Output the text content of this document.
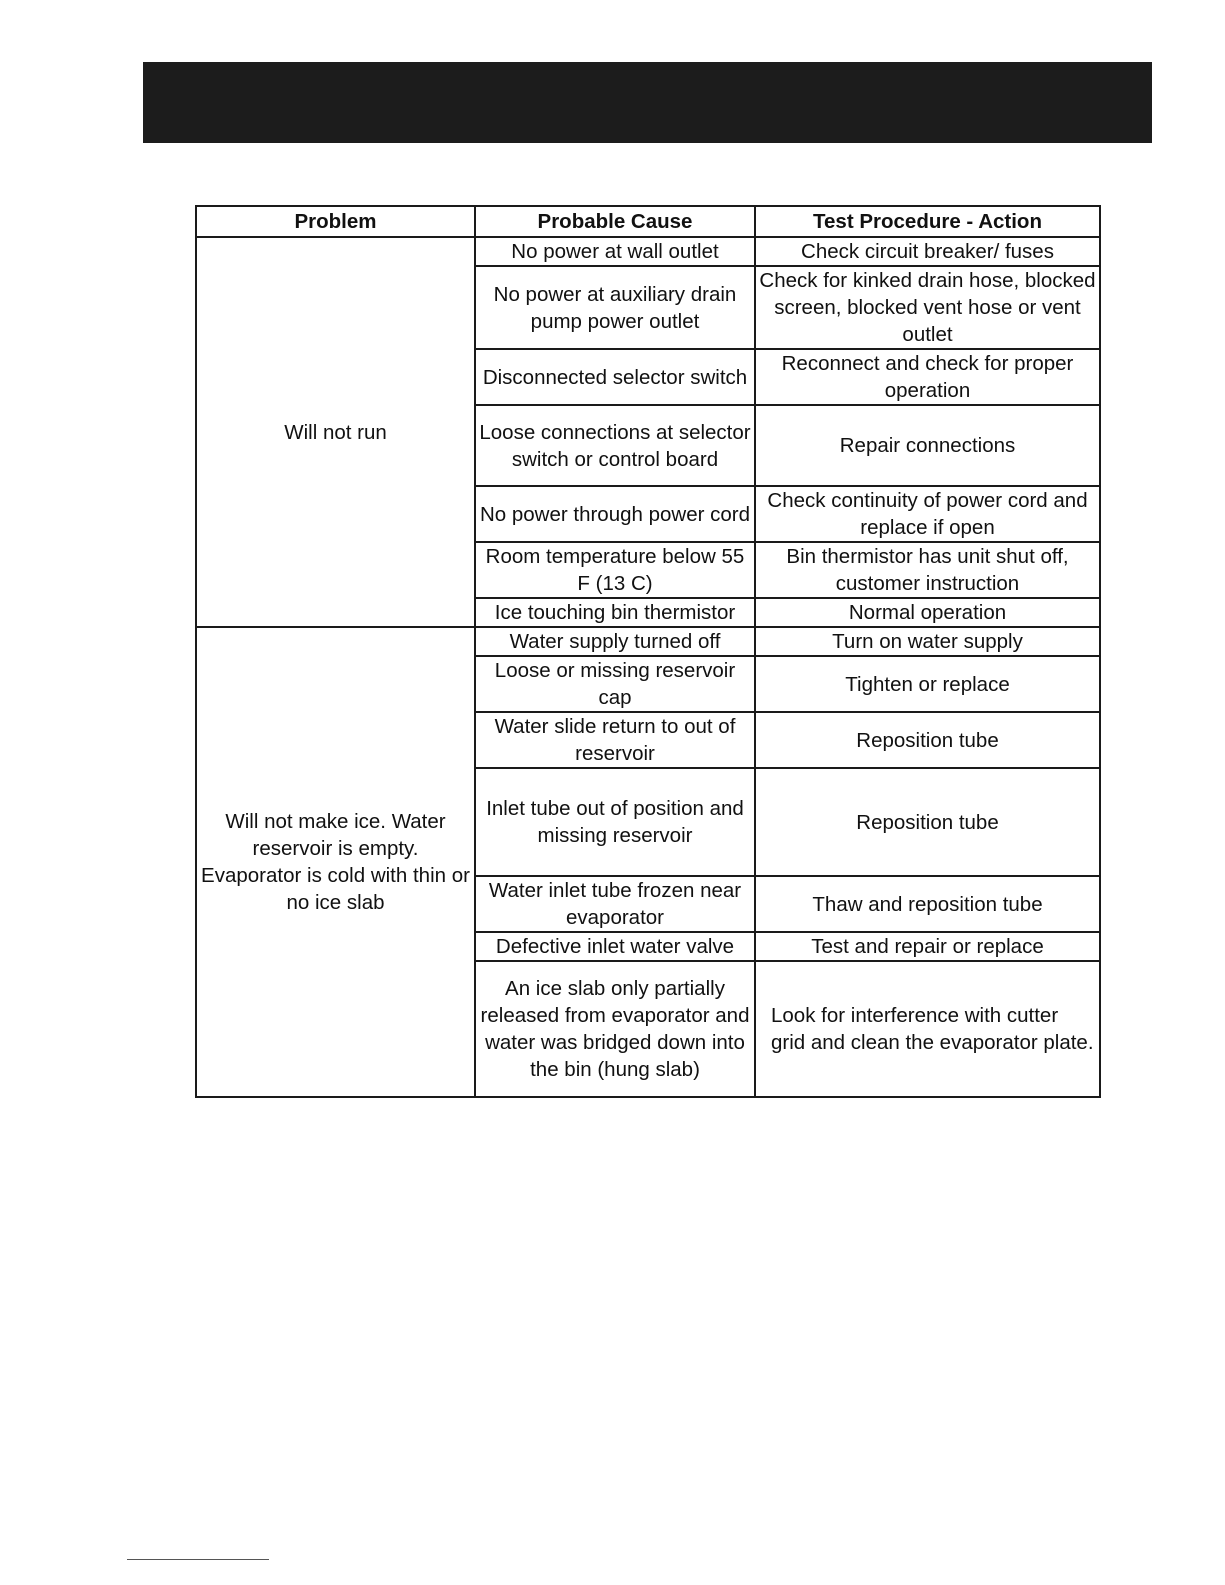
Problem	Probable Cause	Test Procedure - Action
Will not run	No power at wall outlet	Check circuit breaker/ fuses
	No power at auxiliary drain pump power outlet	Check for kinked drain hose, blocked screen, blocked vent hose or vent outlet
	Disconnected selector switch	Reconnect and check for proper operation
	Loose connections at selector switch or control board	Repair connections
	No power through power cord	Check continuity of power cord and replace if open
	Room temperature below 55 F (13 C)	Bin thermistor has unit shut off, customer instruction
	Ice touching bin thermistor	Normal operation
Will not make ice. Water reservoir is empty. Evaporator is cold with thin or no ice slab	Water supply turned off	Turn on water supply
	Loose or missing reservoir cap	Tighten or replace
	Water slide return to out of reservoir	Reposition tube
	Inlet tube out of position and missing reservoir	Reposition tube
	Water inlet tube frozen near evaporator	Thaw and reposition tube
	Defective inlet water valve	Test and repair or replace
	An ice slab only partially released from evaporator and water was bridged down into the bin (hung slab)	Look for interference with cutter grid and clean the evaporator plate.
